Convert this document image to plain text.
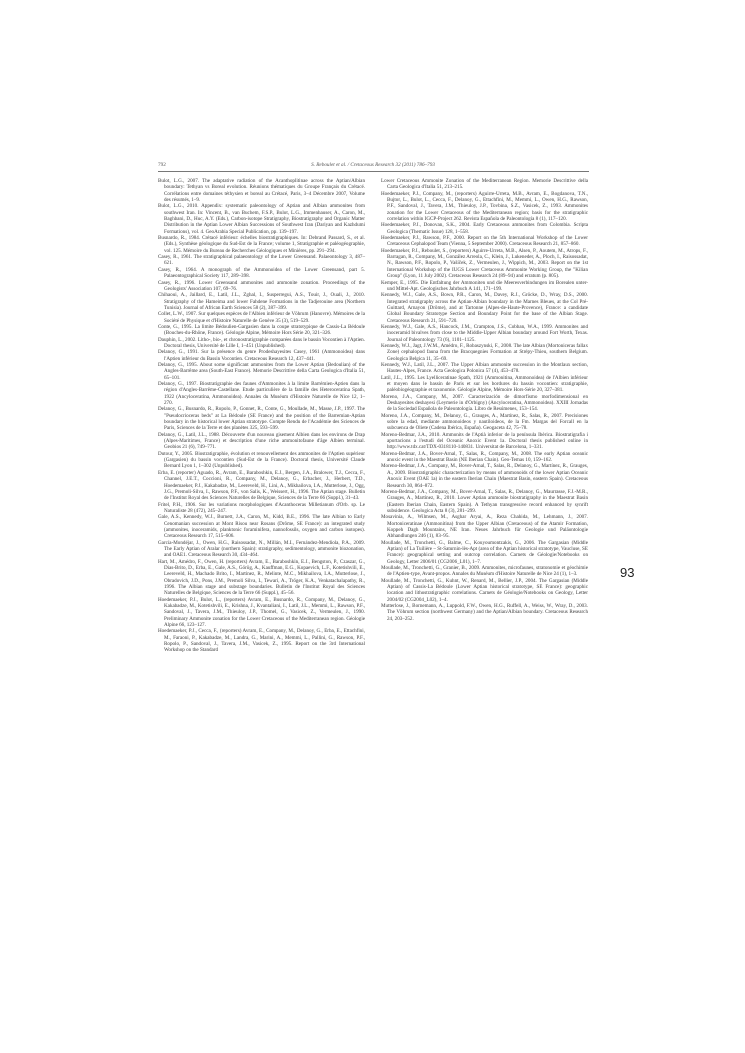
792	S. Reboulet et al. / Cretaceous Research 32 (2011) 786–793

Bulot, L.G., 2007. The adaptative radiation of the Acanthoplitinae across the Aptian/Albian boundary: Tethyan vs Boreal evolution. Réunions thématiques du Groupe Français du Crétacé. Corrélations entre domaines téthysien et boreal au Crétacé, Paris, 3–4 Décembre 2007, Volume des résumés, 1–9.

Bulot, L.G., 2010. Appendix: systematic paleontology of Aptian and Albian ammonites from southwest Iran. In: Vincent, B., van Buchem, F.S.P., Bulot, L.G., Immenhauser, A., Caron, M., Baghbani, D., Huc, A.Y. (Eds.), Carbon-isotope Stratigraphy, Biostratigraphy and Organic Matter Distribution in the Aptian Lower Albian Successions of Southwest Iran (Dariyan and Kazhdumi Formations), vol. 4. GeoArabia Special Publication, pp. 139–197.

Busnardo, R., 1984. Crétacé inférieur: échelles biostratigraphiques. In: Debrand Passard, S., et al. (Eds.), Synthèse géologique du Sud-Est de la France; volume 1, Stratigraphie et paléogéographie, vol. 125. Mémoire du Bureau de Recherches Géologiques et Minières, pp. 291–294.

Casey, R., 1961. The stratigraphical palaeontology of the Lower Greensand. Palaeontology 3, 487–621.

Casey, R., 1964. A monograph of the Ammonoidea of the Lower Greensand, part 5. Palaeontographical Society 117, 289–398.

Casey, R., 1996. Lower Greensand ammonites and ammonite zonation. Proceedings of the Geologists' Association 107, 69–76.

Chihaoui, A., Jaillard, E., Latil, J.L., Zghal, I., Susperregui, A.S., Touir, J., Ouali, J., 2010. Stratigraphy of the Hameima and lower Fahdene Formations in the Tadjerouine area (Northern Tunisia). Journal of African Earth Sciences 58 (2), 387–399.

Collet, L.W., 1907. Sur quelques espèces de l'Albien inférieur de Vöhrum (Hanovre). Mémoires de la Société de Physique et d'Histoire Naturelle de Genève 35 (3), 519–529.

Conte, G., 1995. La limite Bédoulien-Gargasien dans la coupe stratotypique de Cassis-La Bédoule (Bouches-du-Rhône, France). Géologie Alpine, Mémoire Hors Série 20, 321–326.

Dauphin, L., 2002. Litho-, bio-, et chronostratigraphie comparées dans le bassin Vocontien à l'Aptien. Doctoral thesis, Université de Lille I, 1–451 (Unpublished).

Delanoy, G., 1991. Sur la présence du genre Prodeshayesites Casey, 1961 (Ammonoidea) dans l'Aptien inférieur du Bassin Vocontien. Cretaceous Research 12, 437–441.

Delanoy, G., 1995. About some significant ammonites from the Lower Aptian (Bedoulian) of the Angles-Barrême area (South-East France). Memorie Descrittive della Carta Geologica d'Italia 51, 65–101.

Delanoy, G., 1997. Biostratigraphie des faunes d'Ammonites à la limite Barrémien-Aptien dans la région d'Angles-Barrême-Castellane. Etude particulière de la famille des Heteroceratina Spath, 1922 (Ancyloceratina, Ammonoidea). Annales du Muséum d'Histoire Naturelle de Nice 12, 1–270.

Delanoy, G., Busnardo, R., Ropolo, P., Gonnet, R., Conte, G., Moullade, M., Masse, J.P., 1997. The "Pseudocrioceras beds" at La Bédoule (SE France) and the position of the Barremian-Aptian boundary in the historical lower Aptian stratotype. Compte Rendu de l'Académie des Sciences de Paris, Sciences de la Terre et des planètes 325, 593–599.

Delanoy, G., Latil, J.L., 1988. Découverte d'un nouveau gisement Albien dans les environs de Drap (Alpes-Maritimes, France) et description d'une riche ammonitofaune d'âge Albien terminal. Geobios 21 (6), 749–771.

Dutour, Y., 2005. Biostratigraphie, évolution et renouvellement des ammonites de l'Aptien supérieur (Gargasien) du bassin vocontien (Sud-Est de la France). Doctoral thesis, Université Claude Bernard Lyon 1, 1–302 (Unpublished).

Erba, E. (reporter) Aguado, R., Avram, E., Baraboshkin, E.J., Bergen, J.A., Bralower, T.J., Cecca, F., Channel, J.E.T., Coccioni, R., Company, M., Delanoy, G., Erbacher, J., Herbert, T.D., Hoedemaeker, P.J., Kakabadze, M., Leereveld, H., Lini, A., Mikhailova, I.A., Mutterlose, J., Ogg, J.G., Premoli-Silva, I., Rawson, P.F., von Salis, K., Weissert, H., 1996. The Aptian stage. Bulletin de l'Institut Royal des Sciences Naturelles de Belgique, Sciences de la Terre 66 (Suppl.), 31–43.

Fritel, P.H., 1906. Sur les variations morphologiques d'Acanthoceras Milletianum d'Orb. sp. Le Naturaliste 28 (472), 245–247.

Gale, A.S., Kennedy, W.J., Burnett, J.A., Caron, M., Kidd, B.E., 1996. The late Albian to Early Cenomanian succession at Mont Risou near Rosans (Drôme, SE France): an integrated study (ammonites, inoceramids, planktonic foraminifera, nannofossils, oxygen and carbon isotopes). Cretaceous Research 17, 515–606.

García-Mondéjar, J., Owen, H.G., Raisossadat, N., Millán, M.I., Fernández-Mendiola, P.A., 2009. The Early Aptian of Aralar (northern Spain): stratigraphy, sedimentology, ammonite biozonation, and OAE1. Cretaceous Research 30, 434–464.

Hart, M., Amédro, F., Owen, H. (reporters) Avram, E., Baraboshkin, E.J., Bengston, P., Czaszar, G., Dias-Brito, D., Erba, E., Gale, A.S., Görög, A., Kauffman, E.G., Kopaevich, L.F., Kotetishvili, E., Leereveld, H., Machado Brito, I., Martinez, R., Melinte, M.C., Mikhailova, I.A., Mutterlose, J., Obradovich, J.D., Pons, J.M., Premoli Silva, I., Tewari, A., Tröger, K.A., Venkatachalapathy, R., 1996. The Albian stage and substage boundaries. Bulletin de l'Institut Royal des Sciences Naturelles de Belgique, Sciences de la Terre 66 (Suppl.), 45–56.

Hoedemaeker, P.J., Bulot, L., (reporters) Avram, E., Busnardo, R., Company, M., Delanoy, G., Kakabadze, M., Kotetishvili, E., Krishna, J., Kvantaliani, I., Latil, J.L., Memmi, L., Rawson, P.F., Sandoval, J., Tavera, J.M., Thieuloy, J.P., Thomel, G., Vasicek, Z., Vermeulen, J., 1990. Preliminary Ammonite zonation for the Lower Cretaceous of the Mediterranean region. Géologie Alpine 66, 123–127.

Hoedemaeker, P.J., Cecca, F., (reporters) Avram, E., Company, M., Delanoy, G., Erba, E., Ettachfini, M., Faraoni, P., Kakabadze, M., Landra, G., Marini, A., Memmi, L., Pallini, G., Rawson, P.F., Ropolo, P., Sandoval, J., Tavera, J.M., Vasicek, Z., 1995. Report on the 3rd International Workshop on the Standard

Lower Cretaceous Ammonite Zonation of the Mediterranean Region. Memorie Descrittive della Carta Geologica d'Italia 51, 213–215.

Hoedemaeker, P.J., Company, M., (reporters) Aguirre-Urreta, M.B., Avram, E., Bogdanova, T.N., Bujtor, L., Bulot, L., Cecca, F., Delanoy, G., Ettachfini, M., Memmi, L., Owen, H.G., Rawson, P.F., Sandoval, J., Tavera, J.M., Thieuloy, J.P., Tovbina, S.Z., Vasicek, Z., 1993. Ammonites zonation for the Lower Cretaceous of the Mediterranean region; basis for the stratigraphic correlation within IGCP-Project 262. Revista Española de Paleontología 8 (1), 117–120.

Hoedemaeker, P.J., Donovan, S.K., 2004. Early Cretaceous ammonites from Colombia. Scripta Geologica (Thematic Issue) 128, 1–558.

Hoedemaeker, P.J., Rawson, P.F., 2000. Report on the 5th International Workshop of the Lower Cretaceous Cephalopod Team (Vienna, 5 September 2000). Cretaceous Research 21, 857–860.

Hoedemaeker, P.J., Reboulet, S., (reporters) Aguirre-Urreta, M.B., Alsen, P., Aoutem, M., Atrops, F., Barragan, R., Company, M., González Arreola, C., Klein, J., Lukeneder, A., Ploch, I., Raisossadat, N., Rawson, P.F., Ropolo, P., Vašíček, Z., Vermeulen, J., Wippich, M., 2003. Report on the 1st International Workshop of the IUGS Lower Cretaceous Ammonite Working Group, the "Kilian Group" (Lyon, 11 July 2002). Cretaceous Research 24 (89–94) and erratum (p. 805).

Kemper, E., 1995. Die Entfaltung der Ammoniten und die Meeresverbindungen im Borealen unter-und Mittel-Apt. Geologisches Jahrbuch A 141, 171–199.

Kennedy, W.J., Gale, A.S., Bown, P.R., Caron, M., Davey, R.J., Gröcke, D., Wray, D.S., 2000. Integrated stratigraphy across the Aptian-Albian boundary in the Marnes Bleues, at the Col Pré-Guittard, Arnayon (Drôme), and at Tartonne (Alpes-de-Haute-Provence), France: a candidate Global Boundary Stratotype Section and Boundary Point for the base of the Albian Stage. Cretaceous Research 21, 591–720.

Kennedy, W.J., Gale, A.S., Hancock, J.M., Crampton, J.S., Cobban, W.A., 1999. Ammonites and inoceramid bivalves from close to the Middle-Upper Albian boundary around Fort Worth, Texas. Journal of Paleontology 73 (6), 1101–1125.

Kennedy, W.J., Jagt, J.W.M., Amédro, F., Robaszynski, F., 2008. The late Albian (Mortoniceras fallax Zone) cephalopod fauna from the Bracquegnies Formation at Strépy-Thieu, southern Belgium. Geologica Belgica 11, 35–69.

Kennedy, W.J., Latil, J.L., 2007. The Upper Albian ammonite succession in the Montlaux section, Hautes-Alpes, France. Acta Geologica Polonica 57 (4), 453–478.

Latil, J.L., 1995. Les Lyelliceratinae Spath, 1921 (Ammonitina, Ammonoidea) de l'Albien inférieur et moyen dans le bassin de Paris et sur les bordures du bassin vocontien: stratigraphie, paléobiogéographie et taxonomie. Géologie Alpine, Mémoire Hors-Série 20, 327–381.

Moreno, J.A., Company, M., 2007. Caracterización de dimorfismo morfodimensional en Deshayesites deshayesi (Leymerie in d'Orbigny) (Ancyloceratina, Ammonoidea). XXIII Jornadas de la Sociedad Española de Paleontología. Libro de Resúmenes, 153–154.

Moreno, J.A., Company, M., Delanoy, G., Grauges, A., Martínez, R., Salas, R., 2007. Precisiones sobre la edad, mediante ammonoideos y nautiloideos, de la Fm. Margas del Forcall en la subcuenca de Oliete (Cadena Ibérica, España). Geogaceta 42, 75–78.

Moreno-Bedmar, J.A., 2010. Ammonits de l'Aptià inferior de la península Ibèrica. Biostratigrafia i aportacions a l'estudi del Oceanic Anoxic Event 1a. Doctoral thesis published online in http://www.tdx.cat/TDX-0318110-140831. Universitat de Barcelona, 1–331.

Moreno-Bedmar, J.A., Bover-Arnal, T., Salas, R., Company, M., 2008. The early Aptian oceanic anoxic event in the Maestrat Basin (NE Iberian Chain). Geo-Temas 10, 159–162.

Moreno-Bedmar, J.A., Company, M., Bover-Arnal, T., Salas, R., Delanoy, G., Martínez, R., Grauges, A., 2009. Biostratigraphic characterization by means of ammonoids of the lower Aptian Oceanic Anoxic Event (OAE 1a) in the eastern Iberian Chain (Maestrat Basin, eastern Spain). Cretaceous Research 30, 864–872.

Moreno-Bedmar, J.A., Company, M., Bover-Arnal, T., Salas, R., Delanoy, G., Maurrasse, F.J.-M.R., Grauges, A., Martínez, R., 2010. Lower Aptian ammonite biostratigraphy in the Maestrat Basin (Eastern Iberian Chain, Eastern Spain). A Tethyan transgressive record enhanced by synrift subsidence. Geologica Acta 8 (3), 281–299.

Mosavinia, A., Wilmsen, M., Asghar Aryai, A., Reza Chahida, M., Lehmann, J., 2007. Mortoniceratinae (Ammonitina) from the Upper Albian (Cretaceous) of the Atamir Formation, Koppeh Dagh Mountains, NE Iran. Neues Jahrbuch für Geologie und Paläontologie Abhandlungen 246 (1), 83–95.

Moullade, M., Tronchetti, G., Balme, C., Kouyoumontzakis, G., 2006. The Gargasian (Middle Aptian) of La Tuilière – St-Saturnin-lès-Apt (area of the Aptian historical stratotype, Vaucluse, SE France): geographical setting and outcrop correlation. Carnets de Géologie/Notebooks on Geology, Letter 2006/01 (CG2006_L01), 1–7.

Moullade, M., Tronchetti, G., Granier, B., 2009. Ammonites, microfaunes, stratonomie et géochimie de l'Aptien-type, Avant-propos. Annales du Muséum d'Histoire Naturelle de Nice 24 (1), 1–3.

Moullade, M., Tronchetti, G., Kuhnt, W., Renard, M., Bellier, J.P., 2004. The Gargasian (Middle Aptian) of Cassis-La Bédoule (Lower Aptian historical stratotype, SE France): geographic location and lithostratigraphic correlations. Carnets de Géologie/Notebooks on Geology, Letter 2004/02 (CG2004_L02), 1–4.

Mutterlose, J., Bornemann, A., Luppold, F.W., Owen, H.G., Ruffell, A., Weiss, W., Wray, D., 2003. The Vöhrum section (northwest Germany) and the Aptian/Albian boundary. Cretaceous Research 24, 203–252.

93
